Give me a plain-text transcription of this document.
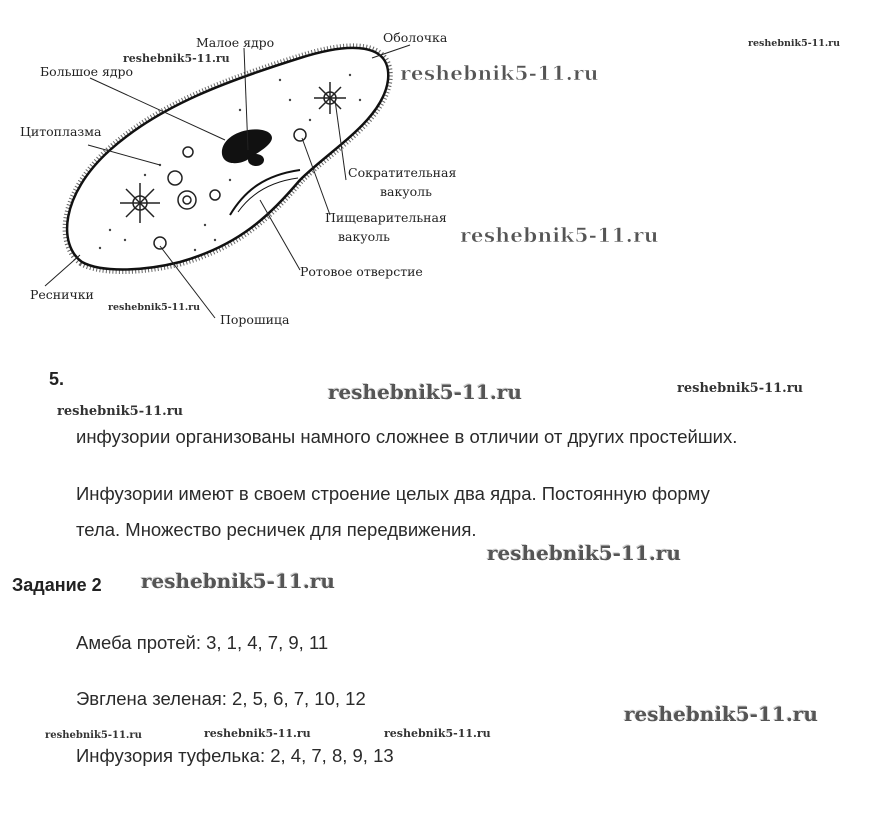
Малое ядро	Оболочка
Большое ядро
Цитоплазма
Сократительная
вакуоль
Пищеварительная
вакуоль
Ротовое отверстие
Реснички
Порошица
reshebnik5-11.ru
reshebnik5-11.ru
reshebnik5-11.ru
reshebnik5-11.ru
reshebnik5-11.ru
5.
reshebnik5-11.ru	reshebnik5-11.ru
reshebnik5-11.ru
инфузории организованы намного сложнее в отличии от других простейших.
Инфузории имеют в своем строение целых два ядра. Постоянную форму
тела. Множество ресничек для передвижения.
reshebnik5-11.ru
Задание 2 reshebnik5-11.ru
Амеба протей: 3, 1, 4, 7, 9, 11
Эвглена зеленая: 2, 5, 6, 7, 10, 12
reshebnik5-11.ru
reshebnik5-11.ru	reshebnik5-11.ru	reshebnik5-11.ru
Инфузория туфелька: 2, 4, 7, 8, 9, 13
